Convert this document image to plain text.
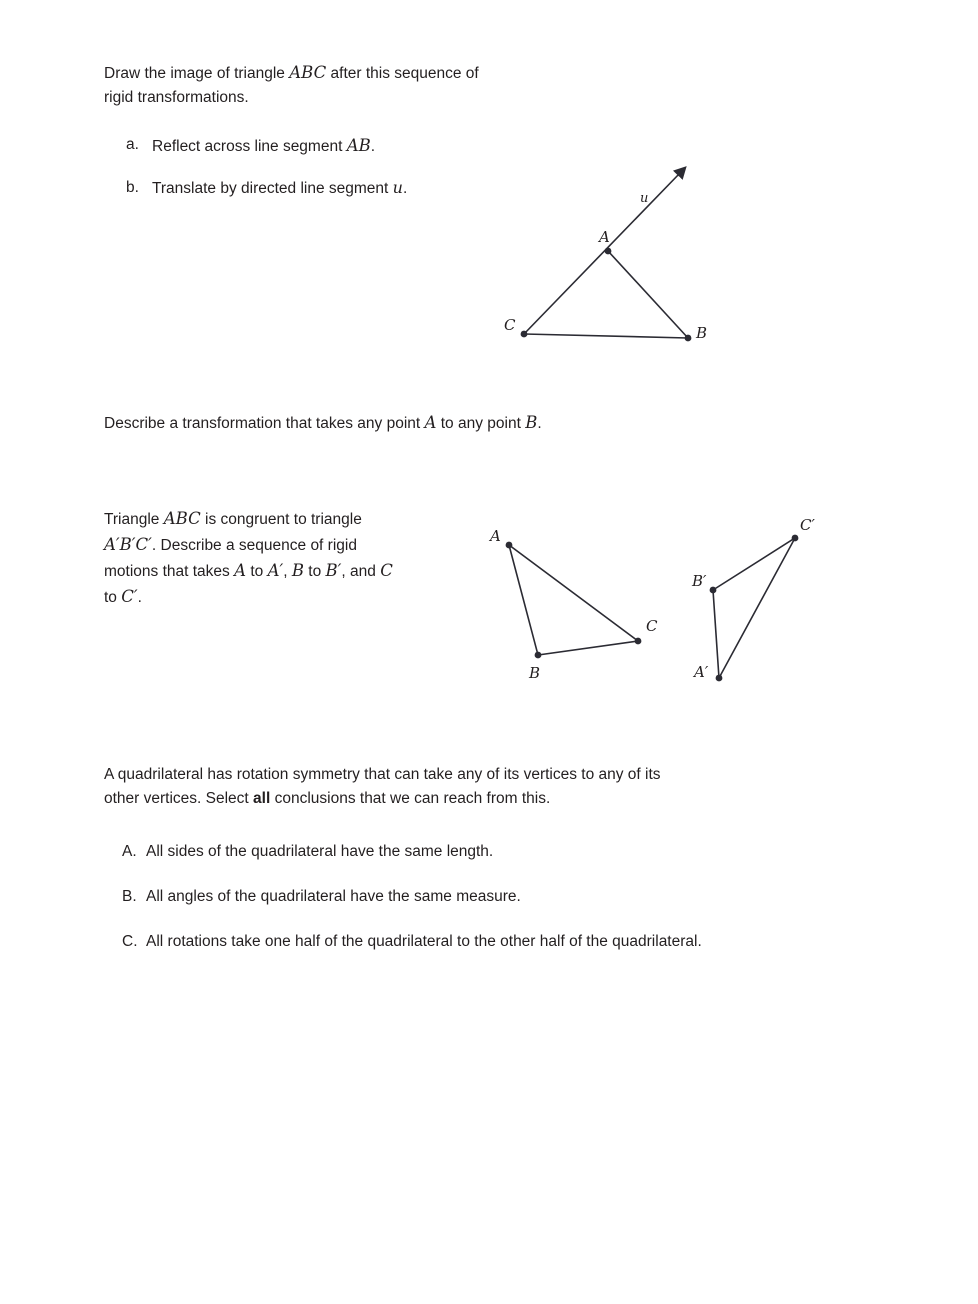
Draw the image of triangle ABC after this sequence of rigid transformations.
a. Reflect across line segment AB.
b. Translate by directed line segment u.
A
B
C
u
Describe a transformation that takes any point A to any point B.
Triangle ABC is congruent to triangle
A′B′C′. Describe a sequence of rigid
motions that takes A to A′, B to B′, and C
to C′.
A
B
C
B′
A′
C′
A quadrilateral has rotation symmetry that can take any of its vertices to any of its
other vertices. Select all conclusions that we can reach from this.
A. All sides of the quadrilateral have the same length.
B. All angles of the quadrilateral have the same measure.
C. All rotations take one half of the quadrilateral to the other half of the quadrilateral.
